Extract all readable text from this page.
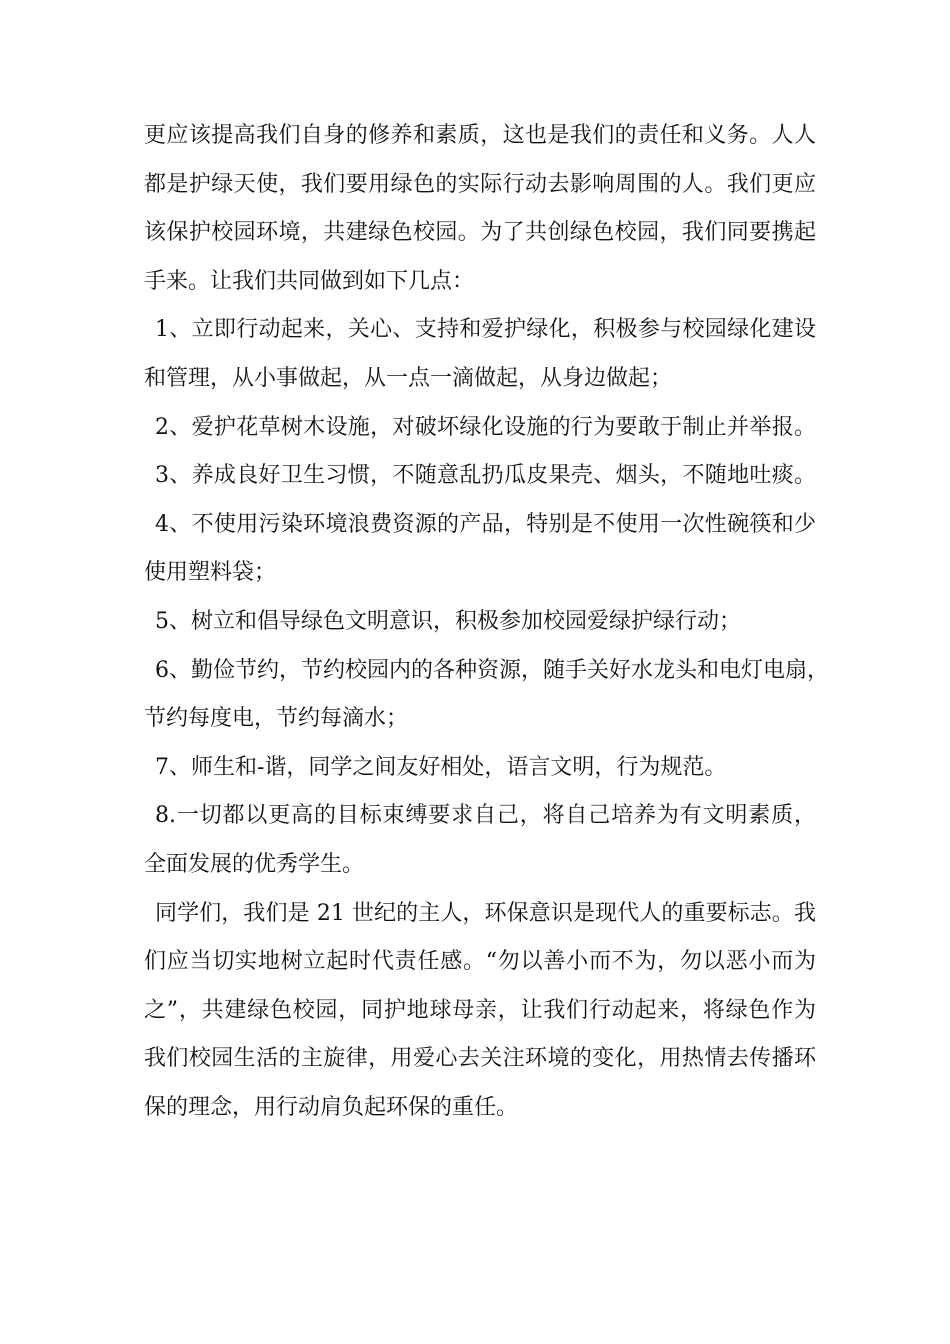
更应该提高我们自身的修养和素质，这也是我们的责任和义务。人人
都是护绿天使，我们要用绿色的实际行动去影响周围的人。我们更应
该保护校园环境，共建绿色校园。为了共创绿色校园，我们同要携起
手来。让我们共同做到如下几点：
1、立即行动起来，关心、支持和爱护绿化，积极参与校园绿化建设
和管理，从小事做起，从一点一滴做起，从身边做起；
2、爱护花草树木设施，对破坏绿化设施的行为要敢于制止并举报。
3、养成良好卫生习惯，不随意乱扔瓜皮果壳、烟头，不随地吐痰。
4、不使用污染环境浪费资源的产品，特别是不使用一次性碗筷和少
使用塑料袋；
5、树立和倡导绿色文明意识，积极参加校园爱绿护绿行动；
6、勤俭节约，节约校园内的各种资源，随手关好水龙头和电灯电扇，
节约每度电，节约每滴水；
7、师生和-谐，同学之间友好相处，语言文明，行为规范。
8.一切都以更高的目标束缚要求自己，将自己培养为有文明素质，
全面发展的优秀学生。
同学们，我们是 21 世纪的主人，环保意识是现代人的重要标志。我
们应当切实地树立起时代责任感。“勿以善小而不为，勿以恶小而为
之”，共建绿色校园，同护地球母亲，让我们行动起来，将绿色作为
我们校园生活的主旋律，用爱心去关注环境的变化，用热情去传播环
保的理念，用行动肩负起环保的重任。
